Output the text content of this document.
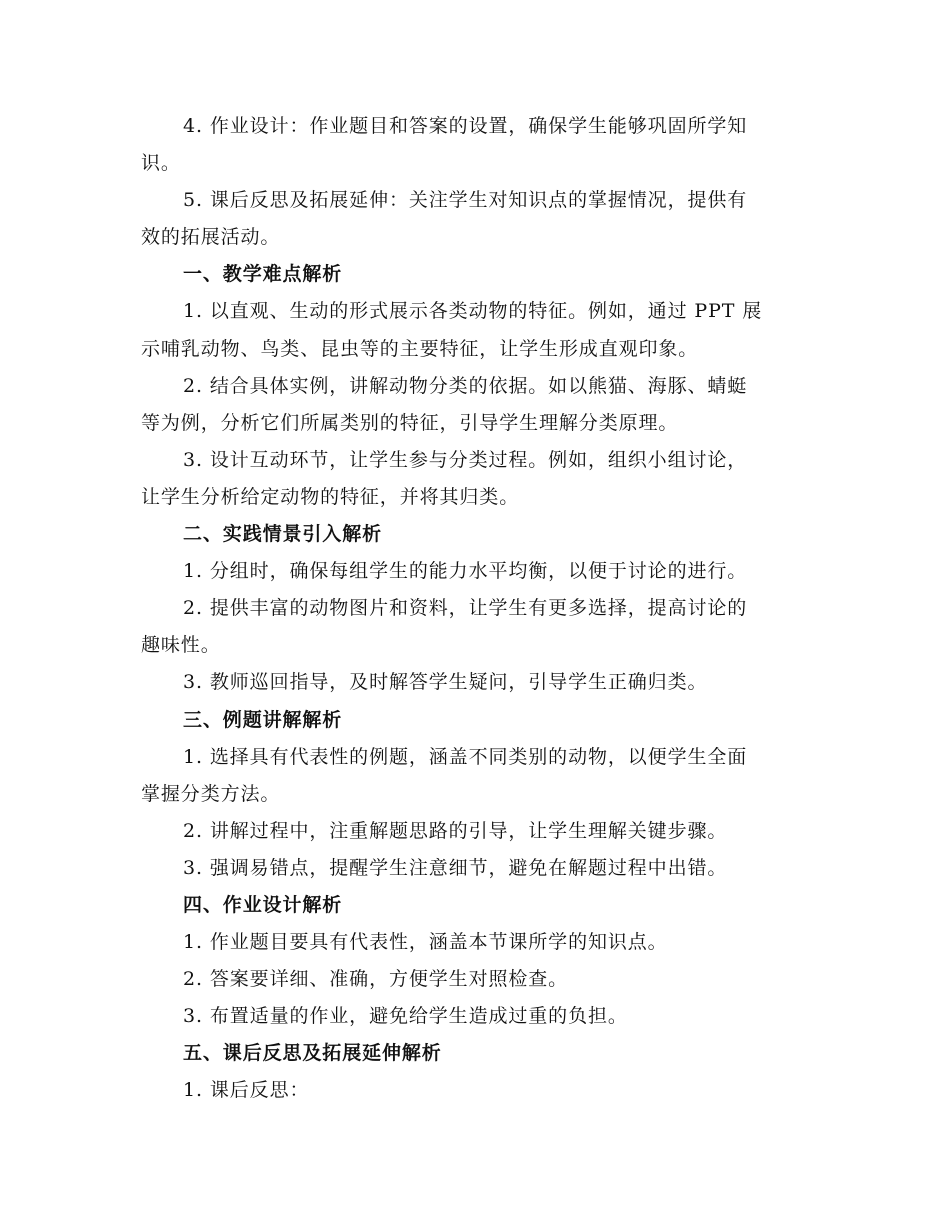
4. 作业设计：作业题目和答案的设置，确保学生能够巩固所学知
识。
5. 课后反思及拓展延伸：关注学生对知识点的掌握情况，提供有
效的拓展活动。
一、教学难点解析
1. 以直观、生动的形式展示各类动物的特征。例如，通过 PPT 展
示哺乳动物、鸟类、昆虫等的主要特征，让学生形成直观印象。
2. 结合具体实例，讲解动物分类的依据。如以熊猫、海豚、蜻蜓
等为例，分析它们所属类别的特征，引导学生理解分类原理。
3. 设计互动环节，让学生参与分类过程。例如，组织小组讨论，
让学生分析给定动物的特征，并将其归类。
二、实践情景引入解析
1. 分组时，确保每组学生的能力水平均衡，以便于讨论的进行。
2. 提供丰富的动物图片和资料，让学生有更多选择，提高讨论的
趣味性。
3. 教师巡回指导，及时解答学生疑问，引导学生正确归类。
三、例题讲解解析
1. 选择具有代表性的例题，涵盖不同类别的动物，以便学生全面
掌握分类方法。
2. 讲解过程中，注重解题思路的引导，让学生理解关键步骤。
3. 强调易错点，提醒学生注意细节，避免在解题过程中出错。
四、作业设计解析
1. 作业题目要具有代表性，涵盖本节课所学的知识点。
2. 答案要详细、准确，方便学生对照检查。
3. 布置适量的作业，避免给学生造成过重的负担。
五、课后反思及拓展延伸解析
1. 课后反思：
